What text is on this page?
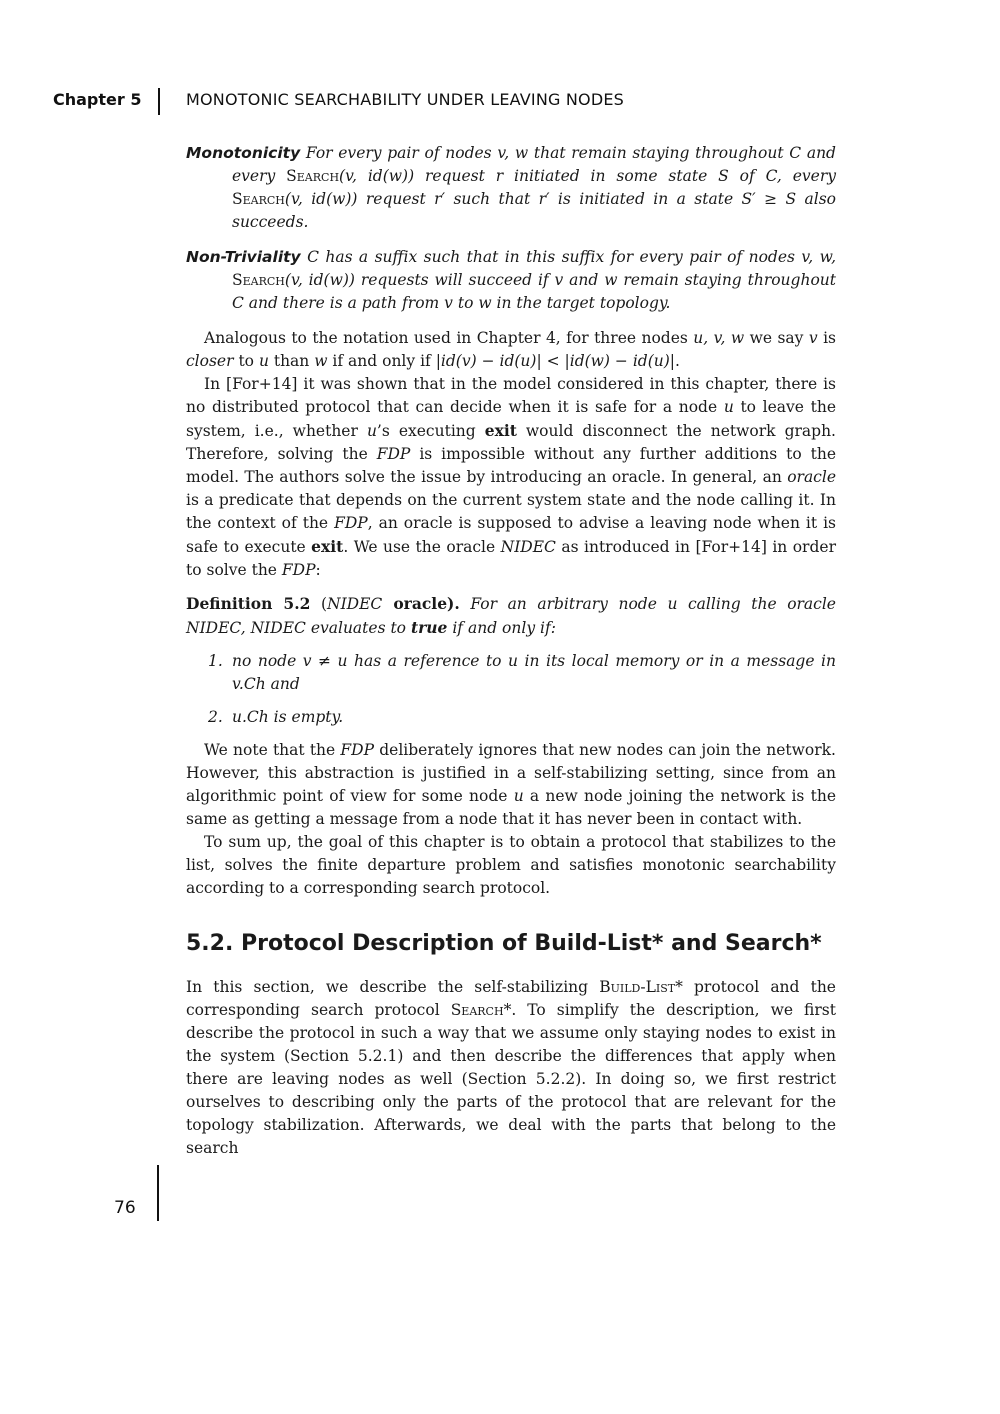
Chapter 5	MONOTONIC SEARCHABILITY UNDER LEAVING NODES
Monotonicity For every pair of nodes v, w that remain staying throughout C and every Search(v, id(w)) request r initiated in some state S of C, every Search(v, id(w)) request r′ such that r′ is initiated in a state S′ ≥ S also succeeds.
Non-Triviality C has a suffix such that in this suffix for every pair of nodes v, w, Search(v, id(w)) requests will succeed if v and w remain staying throughout C and there is a path from v to w in the target topology.

Analogous to the notation used in Chapter 4, for three nodes u, v, w we say v is closer to u than w if and only if |id(v) − id(u)| < |id(w) − id(u)|.

In [For+14] it was shown that in the model considered in this chapter, there is no distributed protocol that can decide when it is safe for a node u to leave the system, i.e., whether u’s executing exit would disconnect the network graph. Therefore, solving the FDP is impossible without any further additions to the model. The authors solve the issue by introducing an oracle. In general, an oracle is a predicate that depends on the current system state and the node calling it. In the context of the FDP, an oracle is supposed to advise a leaving node when it is safe to execute exit. We use the oracle NIDEC as introduced in [For+14] in order to solve the FDP:

Definition 5.2 (NIDEC oracle). For an arbitrary node u calling the oracle NIDEC, NIDEC evaluates to true if and only if:

1. no node v ≠ u has a reference to u in its local memory or in a message in v.Ch and
2. u.Ch is empty.

We note that the FDP deliberately ignores that new nodes can join the network. However, this abstraction is justified in a self-stabilizing setting, since from an algorithmic point of view for some node u a new node joining the network is the same as getting a message from a node that it has never been in contact with.

To sum up, the goal of this chapter is to obtain a protocol that stabilizes to the list, solves the finite departure problem and satisfies monotonic searchability according to a corresponding search protocol.

5.2. Protocol Description of Build-List* and Search*

In this section, we describe the self-stabilizing Build-List* protocol and the corresponding search protocol Search*. To simplify the description, we first describe the protocol in such a way that we assume only staying nodes to exist in the system (Section 5.2.1) and then describe the differences that apply when there are leaving nodes as well (Section 5.2.2). In doing so, we first restrict ourselves to describing only the parts of the protocol that are relevant for the topology stabilization. Afterwards, we deal with the parts that belong to the search

76
